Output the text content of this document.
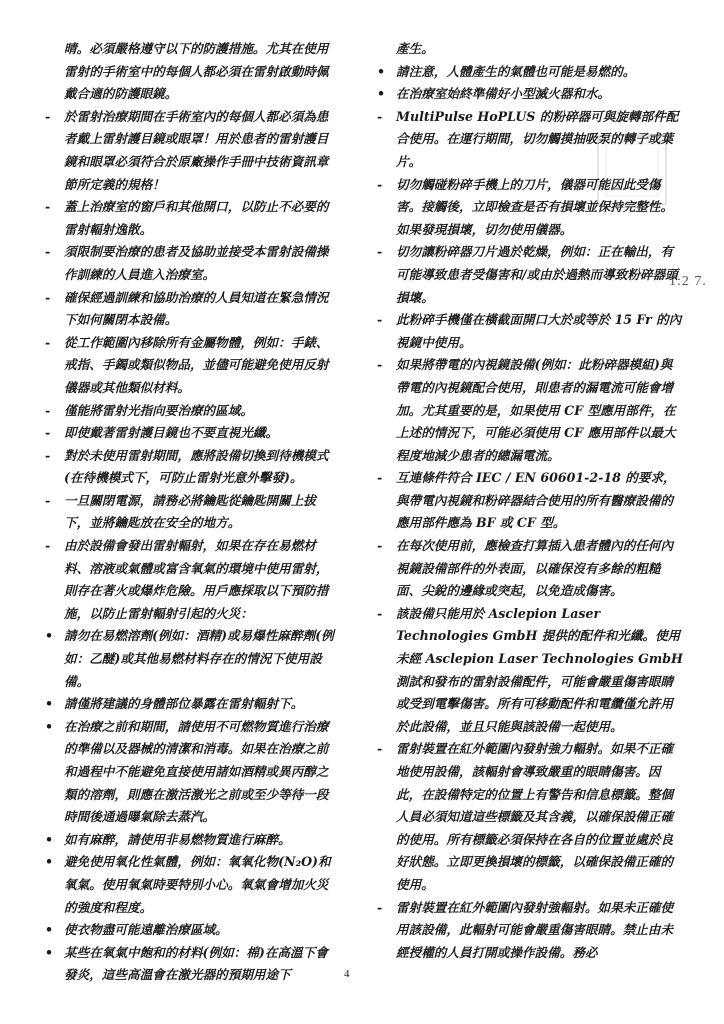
1:2 7.

晴。必須嚴格遵守以下的防護措施。尤其在使用雷射的手術室中的每個人都必須在雷射啟動時佩戴合適的防護眼鏡。

- 於雷射治療期間在手術室內的每個人都必須為患者戴上雷射護目鏡或眼罩！用於患者的雷射護目鏡和眼罩必須符合於原廠操作手冊中技術資訊章節所定義的規格！

- 蓋上治療室的窗戶和其他開口，以防止不必要的雷射輻射逸散。

- 須限制要治療的患者及協助並接受本雷射設備操作訓練的人員進入治療室。

- 確保經過訓練和協助治療的人員知道在緊急情況下如何關閉本設備。

- 從工作範圍內移除所有金屬物體，例如：手錶、戒指、手鐲或類似物品，並儘可能避免使用反射儀器或其他類似材料。

- 僅能將雷射光指向要治療的區域。

- 即使戴著雷射護目鏡也不要直視光纖。

- 對於未使用雷射期間，應將設備切換到待機模式(在待機模式下，可防止雷射光意外擊發)。

- 一旦關閉電源，請務必將鑰匙從鑰匙開關上拔下，並將鑰匙放在安全的地方。

- 由於設備會發出雷射輻射，如果在存在易燃材料、溶液或氣體或富含氧氣的環境中使用雷射，則存在著火或爆炸危險。用戶應採取以下預防措施，以防止雷射輻射引起的火災：

• 請勿在易燃溶劑(例如：酒精)或易爆性麻醉劑(例如：乙醚)或其他易燃材料存在的情況下使用設備。

• 請僅將建議的身體部位暴露在雷射輻射下。

• 在治療之前和期間，請使用不可燃物質進行治療的準備以及器械的清潔和消毒。如果在治療之前和過程中不能避免直接使用諸如酒精或異丙醇之類的溶劑，則應在激活激光之前或至少等待一段時間後通過曝氣除去蒸汽。

• 如有麻醉，請使用非易燃物質進行麻醉。

• 避免使用氧化性氣體，例如：氧氧化物(N₂O)和氧氣。使用氧氣時要特別小心。氧氣會增加火災的強度和程度。

• 使衣物盡可能遠離治療區域。

• 某些在氧氣中飽和的材料(例如：棉)在高溫下會發炎，這些高溫會在激光器的預期用途下

產生。

• 請注意，人體產生的氣體也可能是易燃的。

• 在治療室始終準備好小型滅火器和水。

- MultiPulse HoPLUS 的粉碎器可與旋轉部件配合使用。在運行期間，切勿觸摸抽吸泵的轉子或葉片。

- 切勿觸碰粉碎手機上的刀片，儀器可能因此受傷害。接觸後，立即檢查是否有損壞並保持完整性。如果發現損壞，切勿使用儀器。

- 切勿讓粉碎器刀片過於乾燥，例如：正在輸出，有可能導致患者受傷害和/或由於過熱而導致粉碎器頭損壞。

- 此粉碎手機僅在橫截面開口大於或等於 15 Fr 的內視鏡中使用。

- 如果將帶電的內視鏡設備(例如：此粉碎器模組)與帶電的內視鏡配合使用，則患者的漏電流可能會增加。尤其重要的是，如果使用 CF 型應用部件，在上述的情況下，可能必須使用 CF 應用部件以最大程度地減少患者的總漏電流。

- 互連條件符合 IEC / EN 60601-2-18 的要求，與帶電內視鏡和粉碎器結合使用的所有醫療設備的應用部件應為 BF 或 CF 型。

- 在每次使用前，應檢查打算插入患者體內的任何內視鏡設備部件的外表面，以確保沒有多餘的粗糙面、尖銳的邊緣或突起，以免造成傷害。

- 該設備只能用於 Asclepion Laser Technologies GmbH 提供的配件和光纖。使用未經 Asclepion Laser Technologies GmbH 測試和發布的雷射設備配件，可能會嚴重傷害眼睛或受到電擊傷害。所有可移動配件和電纜僅允許用於此設備，並且只能與該設備一起使用。

- 雷射裝置在紅外範圍內發射強力輻射。如果不正確地使用設備，該輻射會導致嚴重的眼睛傷害。因此，在設備特定的位置上有警告和信息標籤。整個人員必須知道這些標籤及其含義，以確保設備正確的使用。所有標籤必須保持在各自的位置並處於良好狀態。立即更換損壞的標籤，以確保設備正確的使用。

- 雷射裝置在紅外範圍內發射強輻射。如果未正確使用該設備，此輻射可能會嚴重傷害眼睛。禁止由未經授權的人員打開或操作設備。務必

4
